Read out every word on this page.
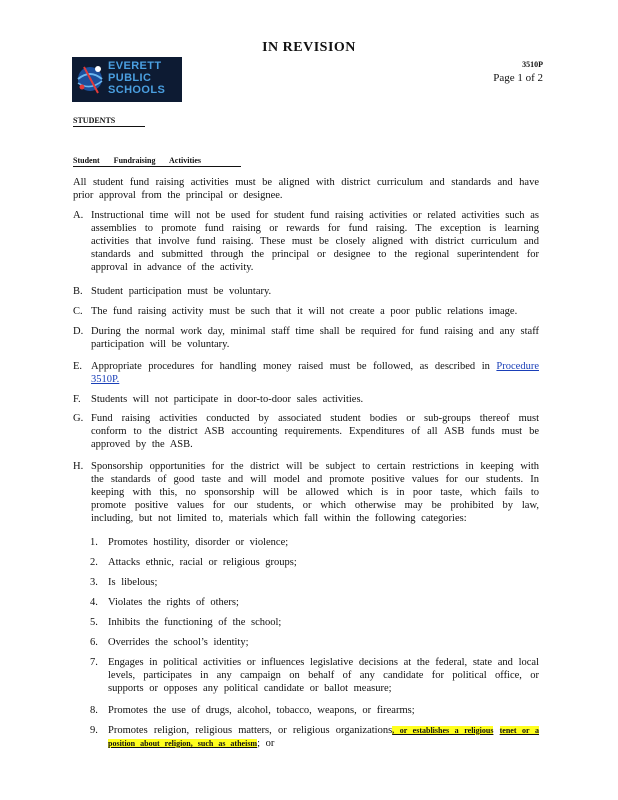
IN REVISION
EVERETT
PUBLIC
SCHOOLS
3510P
Page 1 of 2
STUDENTS
Student Fundraising Activities
All student fund raising activities must be aligned with district curriculum and standards and have prior approval from the principal or designee.
A. Instructional time will not be used for student fund raising activities or related activities such as assemblies to promote fund raising or rewards for fund raising. The exception is learning activities that involve fund raising. These must be closely aligned with district curriculum and standards and submitted through the principal or designee to the regional superintendent for approval in advance of the activity.
B. Student participation must be voluntary.
C. The fund raising activity must be such that it will not create a poor public relations image.
D. During the normal work day, minimal staff time shall be required for fund raising and any staff participation will be voluntary.
E. Appropriate procedures for handling money raised must be followed, as described in Procedure 3510P.
F. Students will not participate in door-to-door sales activities.
G. Fund raising activities conducted by associated student bodies or sub-groups thereof must conform to the district ASB accounting requirements. Expenditures of all ASB funds must be approved by the ASB.
H. Sponsorship opportunities for the district will be subject to certain restrictions in keeping with the standards of good taste and will model and promote positive values for our students. In keeping with this, no sponsorship will be allowed which is in poor taste, which fails to promote positive values for our students, or which otherwise may be prohibited by law, including, but not limited to, materials which fall within the following categories:
1. Promotes hostility, disorder or violence;
2. Attacks ethnic, racial or religious groups;
3. Is libelous;
4. Violates the rights of others;
5. Inhibits the functioning of the school;
6. Overrides the school’s identity;
7. Engages in political activities or influences legislative decisions at the federal, state and local levels, participates in any campaign on behalf of any candidate for political office, or supports or opposes any political candidate or ballot measure;
8. Promotes the use of drugs, alcohol, tobacco, weapons, or firearms;
9. Promotes religion, religious matters, or religious organizations, or establishes a religious tenet or a position about religion, such as atheism; or
